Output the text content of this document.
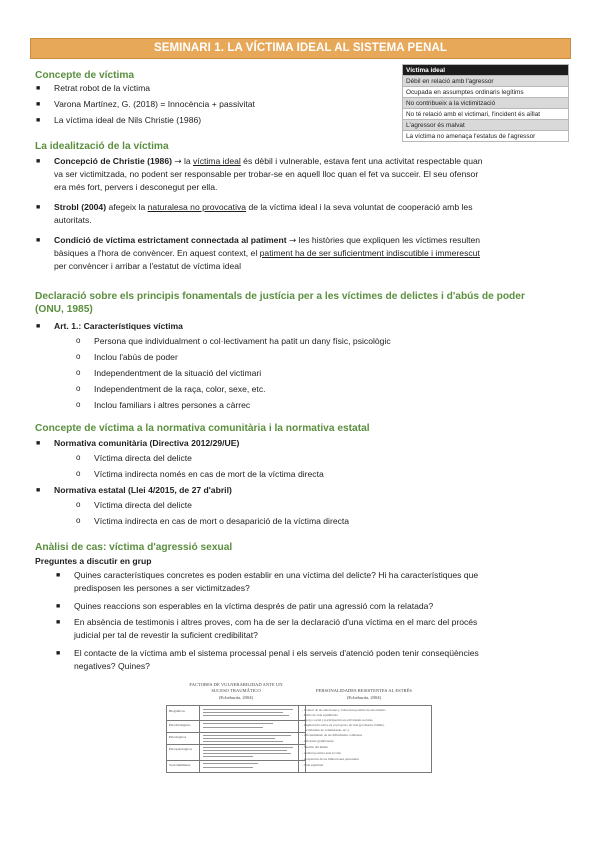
SEMINARI 1. LA VÍCTIMA IDEAL AL SISTEMA PENAL
Concepte de víctima
■ Retrat robot de la víctima
■ Varona Martínez, G. (2018) = Innocència + passivitat
■ La víctima ideal de Nils Christie (1986)
Víctima ideal
Dèbil en relació amb l'agressor
Ocupada en assumptes ordinaris legítims
No contribueix a la victimització
No té relació amb el victimari, l'incident és aïllat
L'agressor és malvat
La víctima no amenaça l'estatus de l'agressor
La idealització de la víctima
■ Concepció de Christie (1986) → la víctima ideal és dèbil i vulnerable, estava fent una activitat respectable quan
va ser victimitzada, no podent ser responsable per trobar-se en aquell lloc quan el fet va succeir. El seu ofensor
era més fort, pervers i desconegut per ella.
■ Strobl (2004) afegeix la naturalesa no provocativa de la víctima ideal i la seva voluntat de cooperació amb les
autoritats.
■ Condició de víctima estrictament connectada al patiment → les històries que expliquen les víctimes resulten
bàsiques a l'hora de convèncer. En aquest context, el patiment ha de ser suficientment indiscutible i immerescut
per convèncer i arribar a l'estatut de víctima ideal
Declaració sobre els principis fonamentals de justícia per a les víctimes de delictes i d'abús de poder
(ONU, 1985)
■ Art. 1.: Característiques víctima
o Persona que individualment o col·lectivament ha patit un dany físic, psicològic
o Inclou l'abús de poder
o Independentment de la situació del victimari
o Independentment de la raça, color, sexe, etc.
o Inclou familiars i altres persones a càrrec
Concepte de víctima a la normativa comunitària i la normativa estatal
■ Normativa comunitària (Directiva 2012/29/UE)
o Víctima directa del delicte
o Víctima indirecta només en cas de mort de la víctima directa
■ Normativa estatal (Llei 4/2015, de 27 d'abril)
o Víctima directa del delicte
o Víctima indirecta en cas de mort o desaparició de la víctima directa
Anàlisi de cas: víctima d'agressió sexual
Preguntes a discutir en grup
■ Quines característiques concretes es poden establir en una víctima del delicte? Hi ha característiques que
predisposen les persones a ser victimitzades?
■ Quines reaccions son esperables en la víctima després de patir una agressió com la relatada?
■ En absència de testimonis i altres proves, com ha de ser la declaració d'una víctima en el marc del procés
judicial per tal de revestir la suficient credibilitat?
■ El contacte de la víctima amb el sistema processal penal i els serveis d'atenció poden tenir conseqüències
negatives? Quines?
FACTORES DE VULNERABILIDAD ANTE UN
SUCESO TRAUMÁTICO
(Echeburúa, 2004)
Biográficos
Psicobiológicos
Psicológicos
Psicopatológicos
Sociofamiliares
PERSONALIDADES RESISTENTES AL ESTRÉS
(Echeburúa, 2004)
- Control de las emociones y valoración positiva de uno mismo
- Estilo de vida equilibrado
- Apoyo social y participación en actividades sociales
- Implicación activa en el proyecto de vida (profesión, familia,
actividades de voluntariado, etc.)
- Afrontamiento de las dificultades cotidianas
- Aficiones gratificantes
- Sentido del humor
- Actitud positiva ante la vida
- Aceptación de las limitaciones personales
- Vida espiritual
